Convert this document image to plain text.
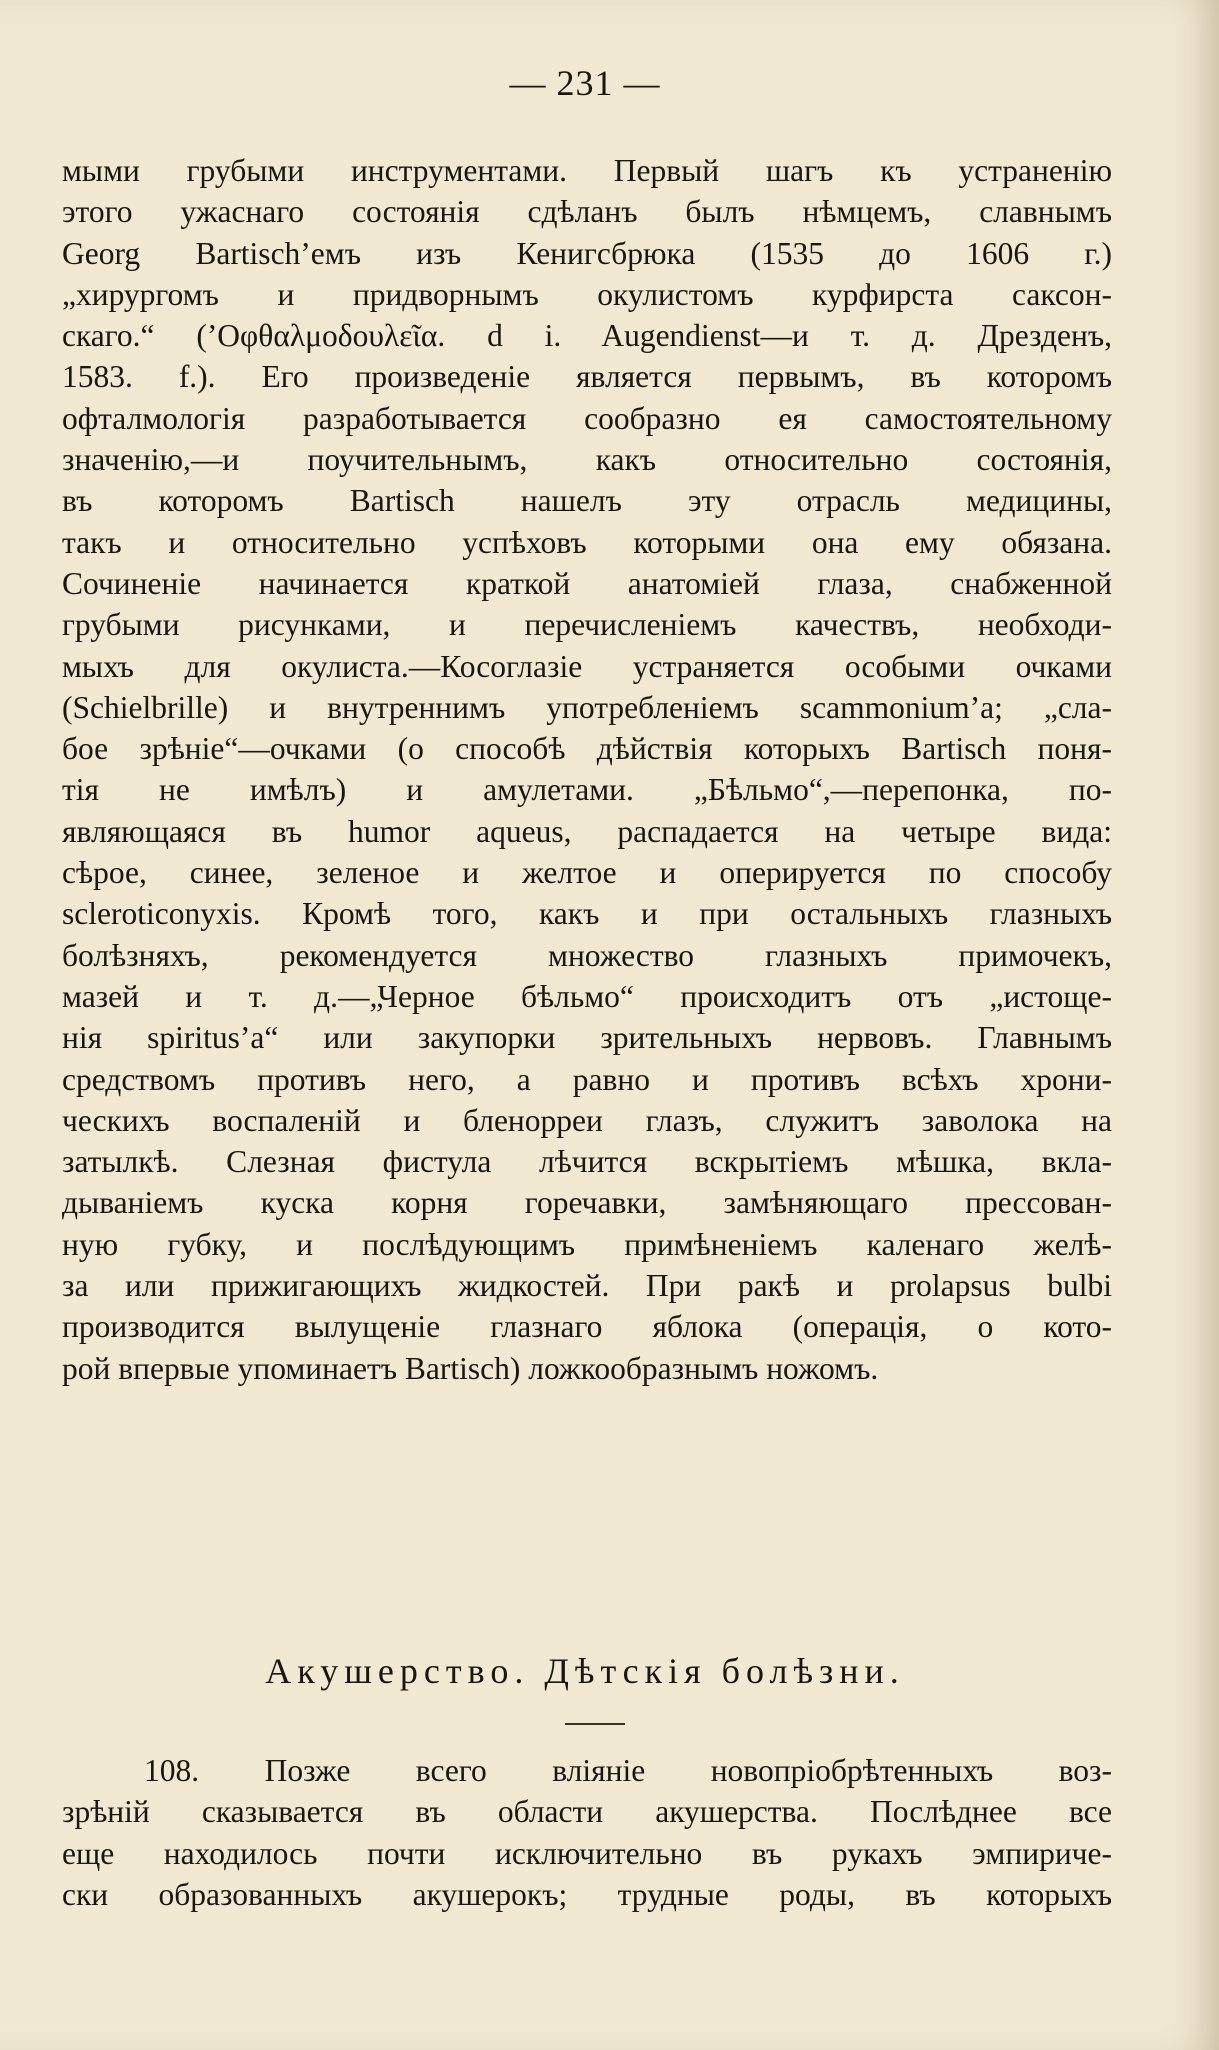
— 231 —
мыми грубыми инструментами. Первый шагъ къ устраненію
этого ужаснаго состоянія сдѣланъ былъ нѣмцемъ, славнымъ
Georg Bartisch’емъ изъ Кенигсбрюка (1535 до 1606 г.)
„хирургомъ и придворнымъ окулистомъ курфирста саксон-
скаго.“ (’Οφθαλμοδουλεῖα. d i. Augendienst—и т. д. Дрезденъ,
1583. f.). Его произведеніе является первымъ, въ которомъ
офталмологія разработывается сообразно ея самостоятельному
значенію,—и поучительнымъ, какъ относительно состоянія,
въ которомъ Bartisch нашелъ эту отрасль медицины,
такъ и относительно успѣховъ которыми она ему обязана.
Сочиненіе начинается краткой анатоміей глаза, снабженной
грубыми рисунками, и перечисленіемъ качествъ, необходи-
мыхъ для окулиста.—Косоглазіе устраняется особыми очками
(Schielbrille) и внутреннимъ употребленіемъ scammonium’а; „сла-
бое зрѣніе“—очками (о способѣ дѣйствія которыхъ Bartisch поня-
тія не имѣлъ) и амулетами. „Бѣльмо“,—перепонка, по-
являющаяся въ humor aqueus, распадается на четыре вида:
сѣрое, синее, зеленое и желтое и оперируется по способу
scleroticonyxis. Кромѣ того, какъ и при остальныхъ глазныхъ
болѣзняхъ, рекомендуется множество глазныхъ примочекъ,
мазей и т. д.—„Черное бѣльмо“ происходитъ отъ „истоще-
нія spiritus’а“ или закупорки зрительныхъ нервовъ. Главнымъ
средствомъ противъ него, а равно и противъ всѣхъ хрони-
ческихъ воспаленій и бленорреи глазъ, служитъ заволока на
затылкѣ. Слезная фистула лѣчится вскрытіемъ мѣшка, вкла-
дываніемъ куска корня горечавки, замѣняющаго прессован-
ную губку, и послѣдующимъ примѣненіемъ каленаго желѣ-
за или прижигающихъ жидкостей. При ракѣ и prolapsus bulbi
производится вылущеніе глазнаго яблока (операція, о кото-
рой впервые упоминаетъ Bartisch) ложкообразнымъ ножомъ.
Акушерство. Дѣтскія болѣзни.
108. Позже всего вліяніе новопріобрѣтенныхъ воз-
зрѣній сказывается въ области акушерства. Послѣднее все
еще находилось почти исключительно въ рукахъ эмпириче-
ски образованныхъ акушерокъ; трудные роды, въ которыхъ
